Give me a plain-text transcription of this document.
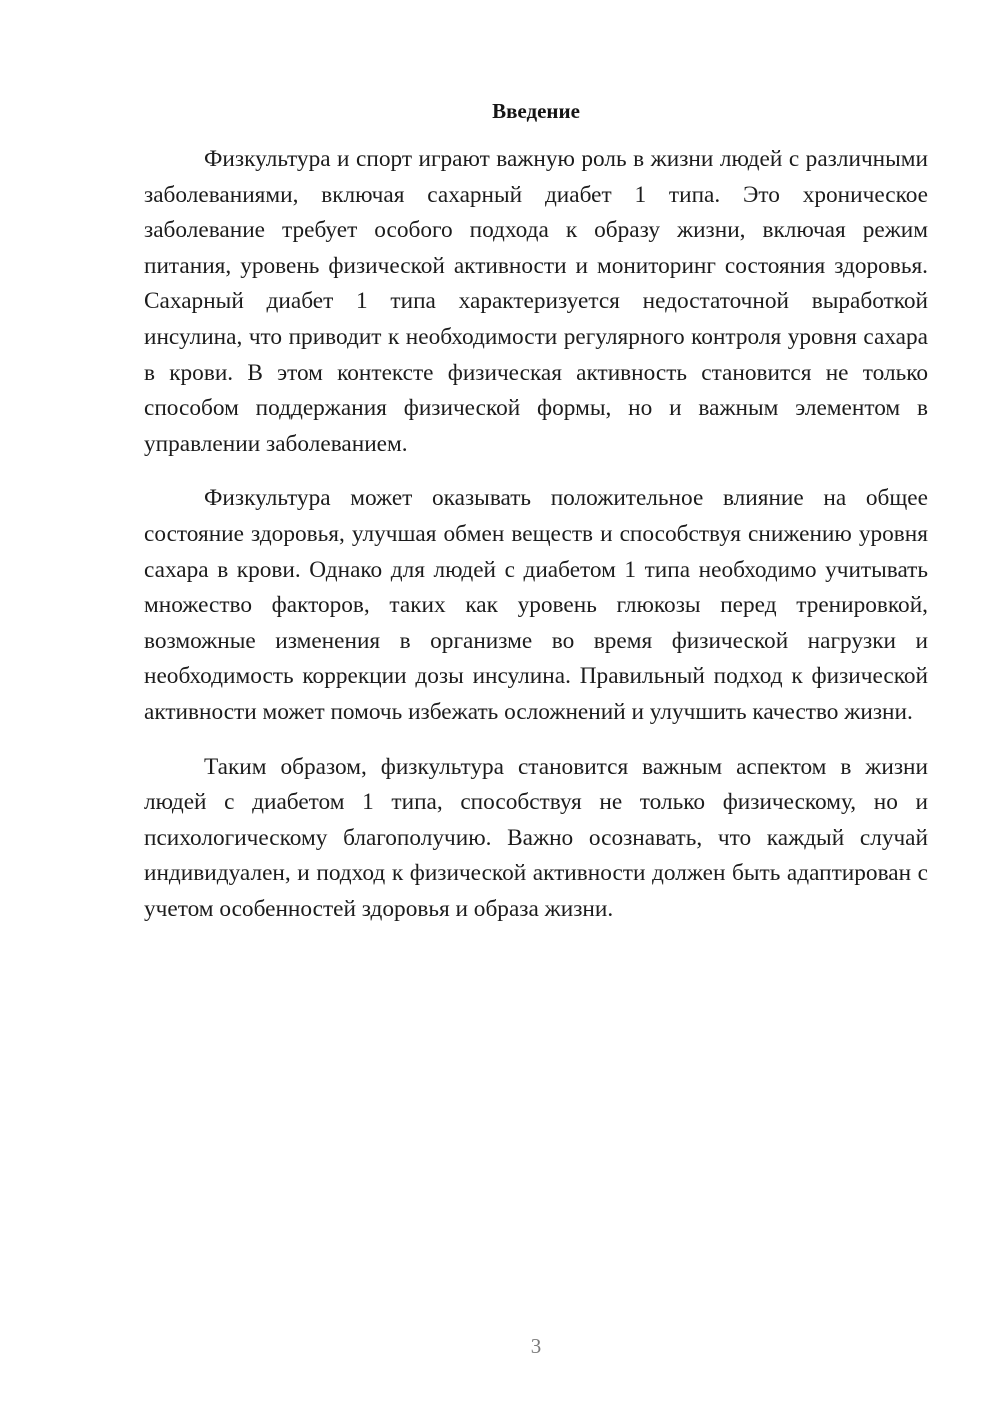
Введение

Физкультура и спорт играют важную роль в жизни людей с различными заболеваниями, включая сахарный диабет 1 типа. Это хроническое заболевание требует особого подхода к образу жизни, включая режим питания, уровень физической активности и мониторинг состояния здоровья. Сахарный диабет 1 типа характеризуется недостаточной выработкой инсулина, что приводит к необходимости регулярного контроля уровня сахара в крови. В этом контексте физическая активность становится не только способом поддержания физической формы, но и важным элементом в управлении заболеванием.

Физкультура может оказывать положительное влияние на общее состояние здоровья, улучшая обмен веществ и способствуя снижению уровня сахара в крови. Однако для людей с диабетом 1 типа необходимо учитывать множество факторов, таких как уровень глюкозы перед тренировкой, возможные изменения в организме во время физической нагрузки и необходимость коррекции дозы инсулина. Правильный подход к физической активности может помочь избежать осложнений и улучшить качество жизни.

Таким образом, физкультура становится важным аспектом в жизни людей с диабетом 1 типа, способствуя не только физическому, но и психологическому благополучию. Важно осознавать, что каждый случай индивидуален, и подход к физической активности должен быть адаптирован с учетом особенностей здоровья и образа жизни.

3
